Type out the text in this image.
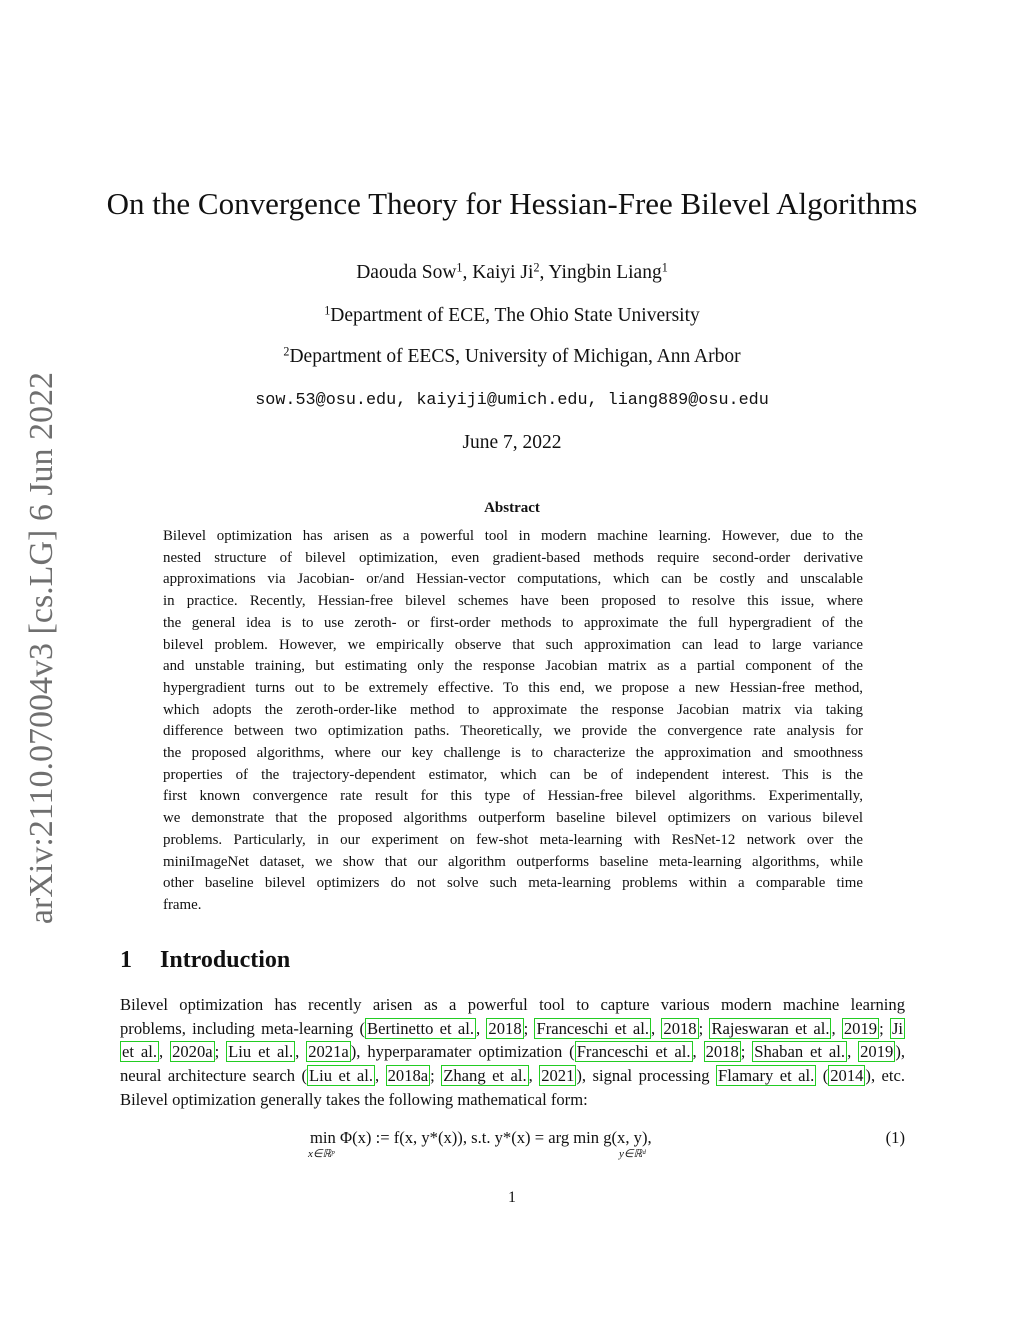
arXiv:2110.07004v3 [cs.LG] 6 Jun 2022
On the Convergence Theory for Hessian-Free Bilevel Algorithms
Daouda Sow$^1$, Kaiyi Ji$^2$, Yingbin Liang$^1$
$^1$Department of ECE, The Ohio State University
$^2$Department of EECS, University of Michigan, Ann Arbor
sow.53@osu.edu, kaiyiji@umich.edu, liang889@osu.edu
June 7, 2022
Abstract
Bilevel optimization has arisen as a powerful tool in modern machine learning. However, due to the
nested structure of bilevel optimization, even gradient-based methods require second-order derivative
approximations via Jacobian- or/and Hessian-vector computations, which can be costly and unscalable
in practice. Recently, Hessian-free bilevel schemes have been proposed to resolve this issue, where
the general idea is to use zeroth- or first-order methods to approximate the full hypergradient of the
bilevel problem. However, we empirically observe that such approximation can lead to large variance
and unstable training, but estimating only the response Jacobian matrix as a partial component of the
hypergradient turns out to be extremely effective. To this end, we propose a new Hessian-free method,
which adopts the zeroth-order-like method to approximate the response Jacobian matrix via taking
difference between two optimization paths. Theoretically, we provide the convergence rate analysis for
the proposed algorithms, where our key challenge is to characterize the approximation and smoothness
properties of the trajectory-dependent estimator, which can be of independent interest. This is the
first known convergence rate result for this type of Hessian-free bilevel algorithms. Experimentally,
we demonstrate that the proposed algorithms outperform baseline bilevel optimizers on various bilevel
problems. Particularly, in our experiment on few-shot meta-learning with ResNet-12 network over the
miniImageNet dataset, we show that our algorithm outperforms baseline meta-learning algorithms, while
other baseline bilevel optimizers do not solve such meta-learning problems within a comparable time
frame.
1 Introduction
Bilevel optimization has recently arisen as a powerful tool to capture various modern machine learning
problems, including meta-learning ( Bertinetto et al. , 2018 ; Franceschi et al. , 2018 ; Rajeswaran et al. , 2019 ; Ji
et al. , 2020a ; Liu et al. , 2021a ), hyperparamater optimization ( Franceschi et al. , 2018 ; Shaban et al. , 2019 ),
neural architecture search ( Liu et al. , 2018a ; Zhang et al. , 2021 ), signal processing Flamary et al. ( 2014 ), etc.
Bilevel optimization generally takes the following mathematical form:
min Φ(x) := f(x, y*(x)), s.t. y*(x) = arg min g(x, y),
x∈ℝᵖ	y∈ℝᵈ
(1)
1
